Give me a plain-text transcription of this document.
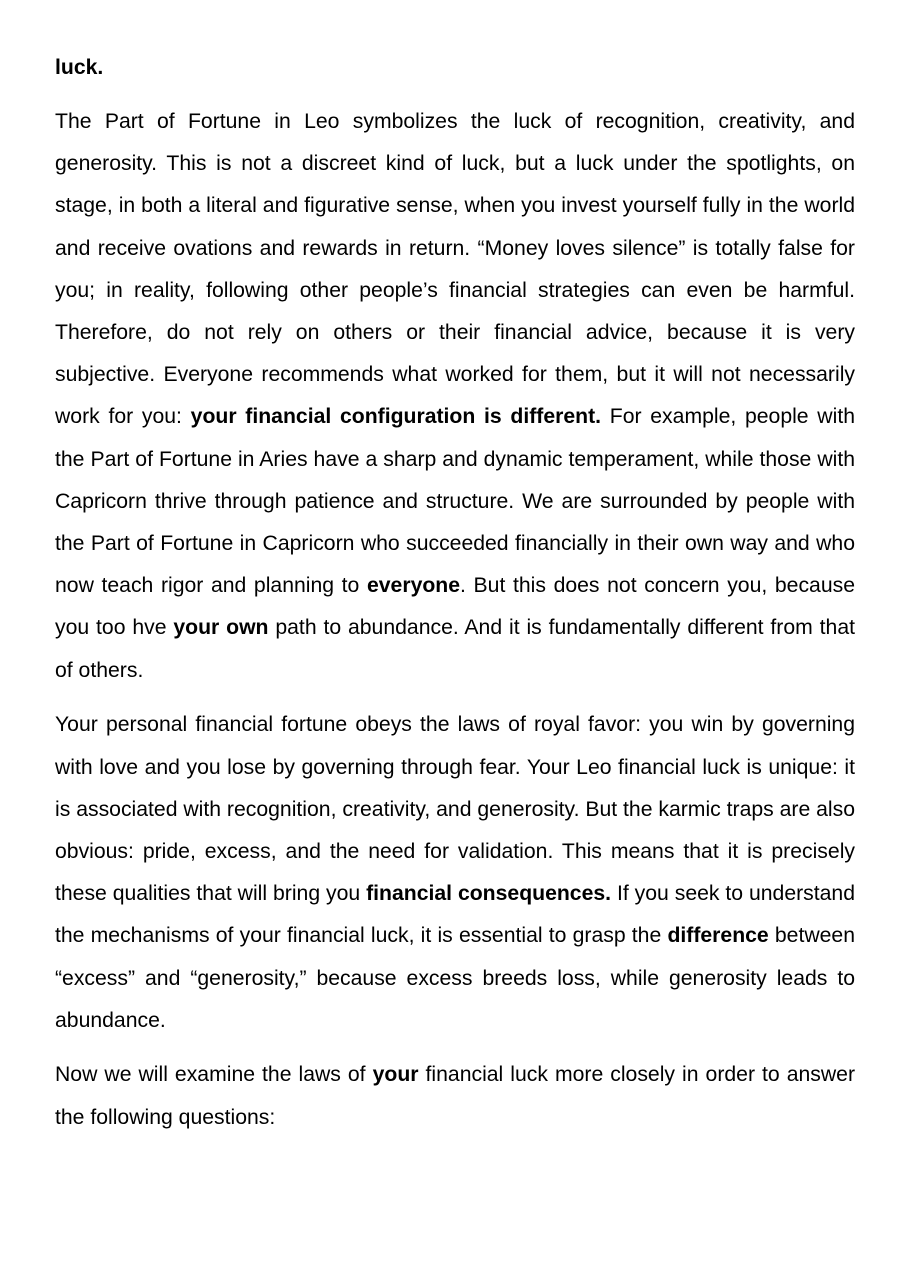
luck.

The Part of Fortune in Leo symbolizes the luck of recognition, creativity, and generosity. This is not a discreet kind of luck, but a luck under the spotlights, on stage, in both a literal and figurative sense, when you invest yourself fully in the world and receive ovations and rewards in return. “Money loves silence” is totally false for you; in reality, following other people’s financial strategies can even be harmful. Therefore, do not rely on others or their financial advice, because it is very subjective. Everyone recommends what worked for them, but it will not necessarily work for you: your financial configuration is different. For example, people with the Part of Fortune in Aries have a sharp and dynamic temperament, while those with Capricorn thrive through patience and structure. We are surrounded by people with the Part of Fortune in Capricorn who succeeded financially in their own way and who now teach rigor and planning to everyone. But this does not concern you, because you too hve your own path to abundance. And it is fundamentally different from that of others.

Your personal financial fortune obeys the laws of royal favor: you win by governing with love and you lose by governing through fear. Your Leo financial luck is unique: it is associated with recognition, creativity, and generosity. But the karmic traps are also obvious: pride, excess, and the need for validation. This means that it is precisely these qualities that will bring you financial consequences. If you seek to understand the mechanisms of your financial luck, it is essential to grasp the difference between “excess” and “generosity,” because excess breeds loss, while generosity leads to abundance.

Now we will examine the laws of your financial luck more closely in order to answer the following questions:
